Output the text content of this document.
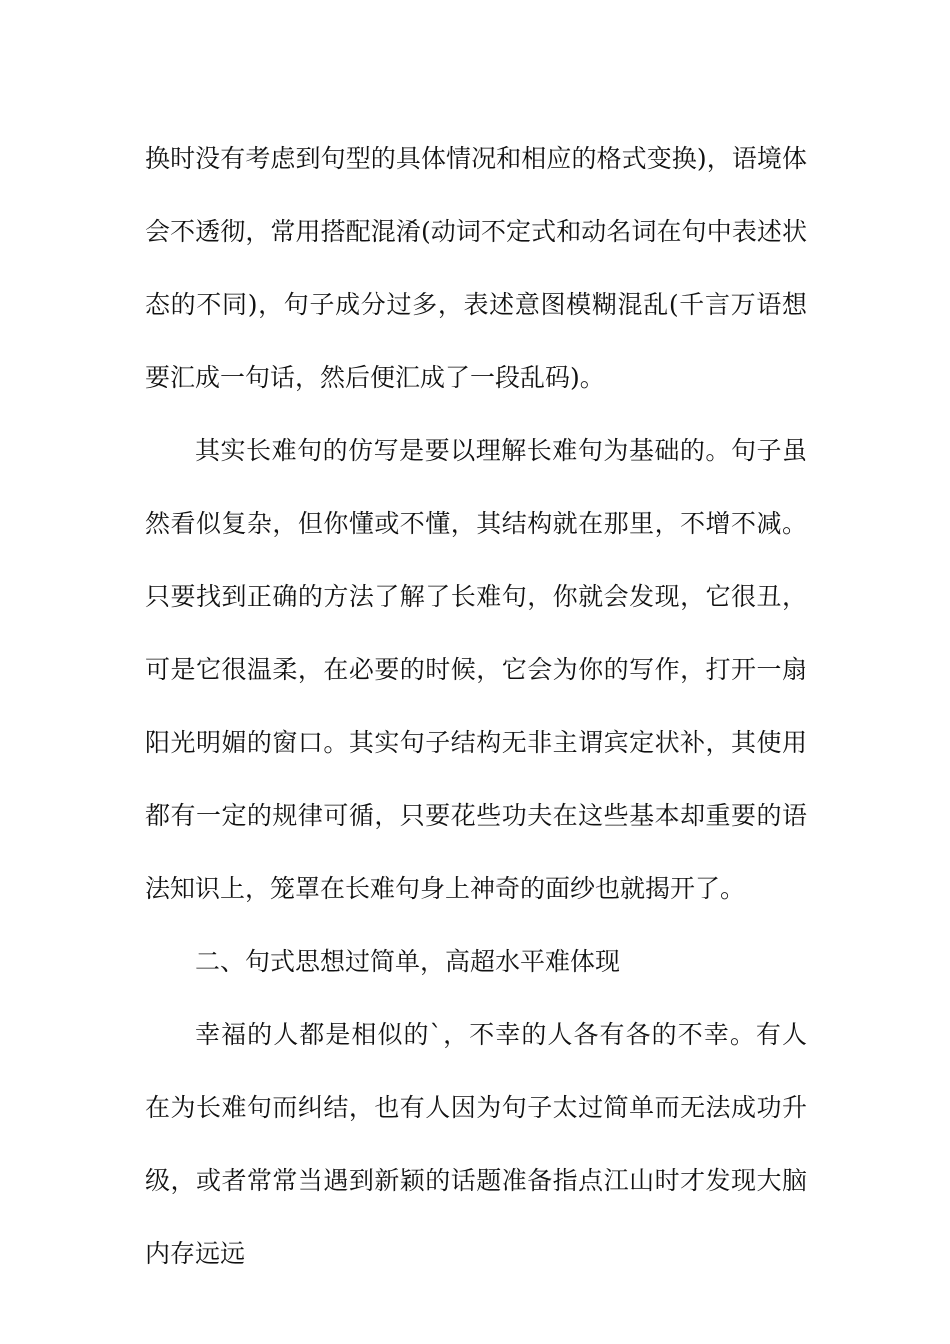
换时没有考虑到句型的具体情况和相应的格式变换)，语境体会不透彻，常用搭配混淆(动词不定式和动名词在句中表述状态的不同)，句子成分过多，表述意图模糊混乱(千言万语想要汇成一句话，然后便汇成了一段乱码)。

其实长难句的仿写是要以理解长难句为基础的。句子虽然看似复杂，但你懂或不懂，其结构就在那里，不增不减。只要找到正确的方法了解了长难句，你就会发现，它很丑，可是它很温柔，在必要的时候，它会为你的写作，打开一扇阳光明媚的窗口。其实句子结构无非主谓宾定状补，其使用都有一定的规律可循，只要花些功夫在这些基本却重要的语法知识上，笼罩在长难句身上神奇的面纱也就揭开了。

二、句式思想过简单，高超水平难体现

幸福的人都是相似的`，不幸的人各有各的不幸。有人在为长难句而纠结，也有人因为句子太过简单而无法成功升级，或者常常当遇到新颖的话题准备指点江山时才发现大脑内存远远
